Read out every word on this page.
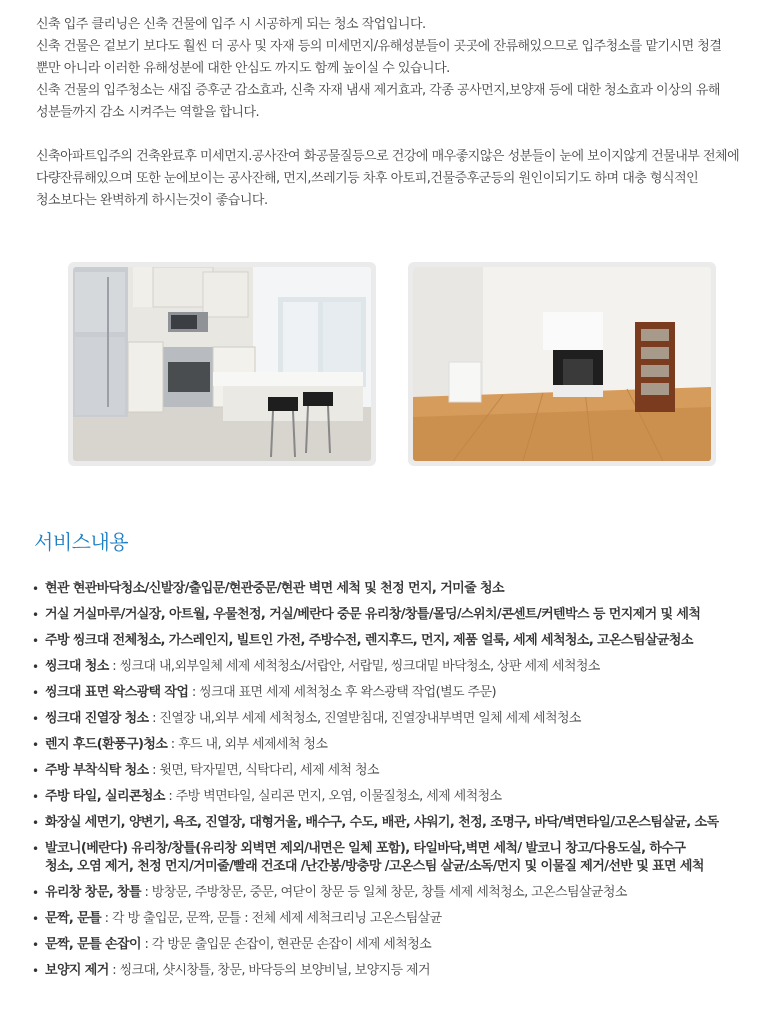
신축 입주 클리닝은 신축 건물에 입주 시 시공하게 되는 청소 작업입니다.

신축 건물은 겉보기 보다도 훨씬 더 공사 및 자재 등의 미세먼지/유해성분들이 곳곳에 잔류해있으므로 입주청소를 맡기시면 청결

뿐만 아니라 이러한 유해성분에 대한 안심도 까지도 함께 높이실 수 있습니다.

신축 건물의 입주청소는 새집 증후군 감소효과, 신축 자재 냄새 제거효과, 각종 공사먼지,보양재 등에 대한 청소효과 이상의 유해

성분들까지 감소 시켜주는 역할을 합니다.

신축아파트입주의 건축완료후 미세먼지.공사잔여 화공물질등으로 건강에 매우좋지않은 성분들이 눈에 보이지않게 건물내부 전체에

다량잔류해있으며 또한 눈에보이는 공사잔해, 먼지,쓰레기등 차후 아토피,건물증후군등의 원인이되기도 하며 대충 형식적인

청소보다는 완벽하게 하시는것이 좋습니다.

서비스내용
• 현관 현관바닥청소/신발장/출입문/현관중문/현관 벽면 세척 및 천정 먼지, 거미줄 청소
• 거실 거실마루/거실장, 아트월, 우물천정, 거실/베란다 중문 유리창/창틀/몰딩/스위치/콘센트/커텐박스 등 먼지제거 및 세척
• 주방 씽크대 전체청소, 가스레인지, 빌트인 가전, 주방수전, 렌지후드, 먼지, 제품 얼룩, 세제 세척청소, 고온스팀살균청소
• 씽크대 청소 : 씽크대 내,외부일체 세제 세척청소/서랍안, 서랍밑, 씽크대밑 바닥청소, 상판 세제 세척청소
• 씽크대 표면 왁스광택 작업 : 씽크대 표면 세제 세척청소 후 왁스광택 작업(별도 주문)
• 씽크대 진열장 청소 : 진열장 내,외부 세제 세척청소, 진열받침대, 진열장내부벽면 일체 세제 세척청소
• 렌지 후드(환풍구)청소 : 후드 내, 외부 세제세척 청소
• 주방 부착식탁 청소 : 윗면, 탁자밑면, 식탁다리, 세제 세척 청소
• 주방 타일, 실리콘청소 : 주방 벽면타일, 실리콘 먼지, 오염, 이물질청소, 세제 세척청소
• 화장실 세면기, 양변기, 욕조, 진열장, 대형거울, 배수구, 수도, 배관, 샤워기, 천정, 조명구, 바닥/벽면타일/고온스팀살균, 소독
• 발코니(베란다) 유리창/창틀(유리창 외벽면 제외/내면은 일체 포함), 타일바닥,벽면 세척/ 발코니 창고/다용도실, 하수구
청소, 오염 제거, 천정 먼지/거미줄/빨래 건조대 /난간봉/방충망 /고온스팀 살균/소독/먼지 및 이물질 제거/선반 및 표면 세척
• 유리창 창문, 창틀 : 방창문, 주방창문, 중문, 여닫이 창문 등 일체 창문, 창틀 세제 세척청소, 고온스팀살균청소
• 문짝, 문틀 : 각 방 출입문, 문짝, 문틀 : 전체 세제 세척크리닝 고온스팀살균
• 문짝, 문틀 손잡이 : 각 방문 출입문 손잡이, 현관문 손잡이 세제 세척청소
• 보양지 제거 : 씽크대, 샷시창틀, 창문, 바닥등의 보양비닐, 보양지등 제거
